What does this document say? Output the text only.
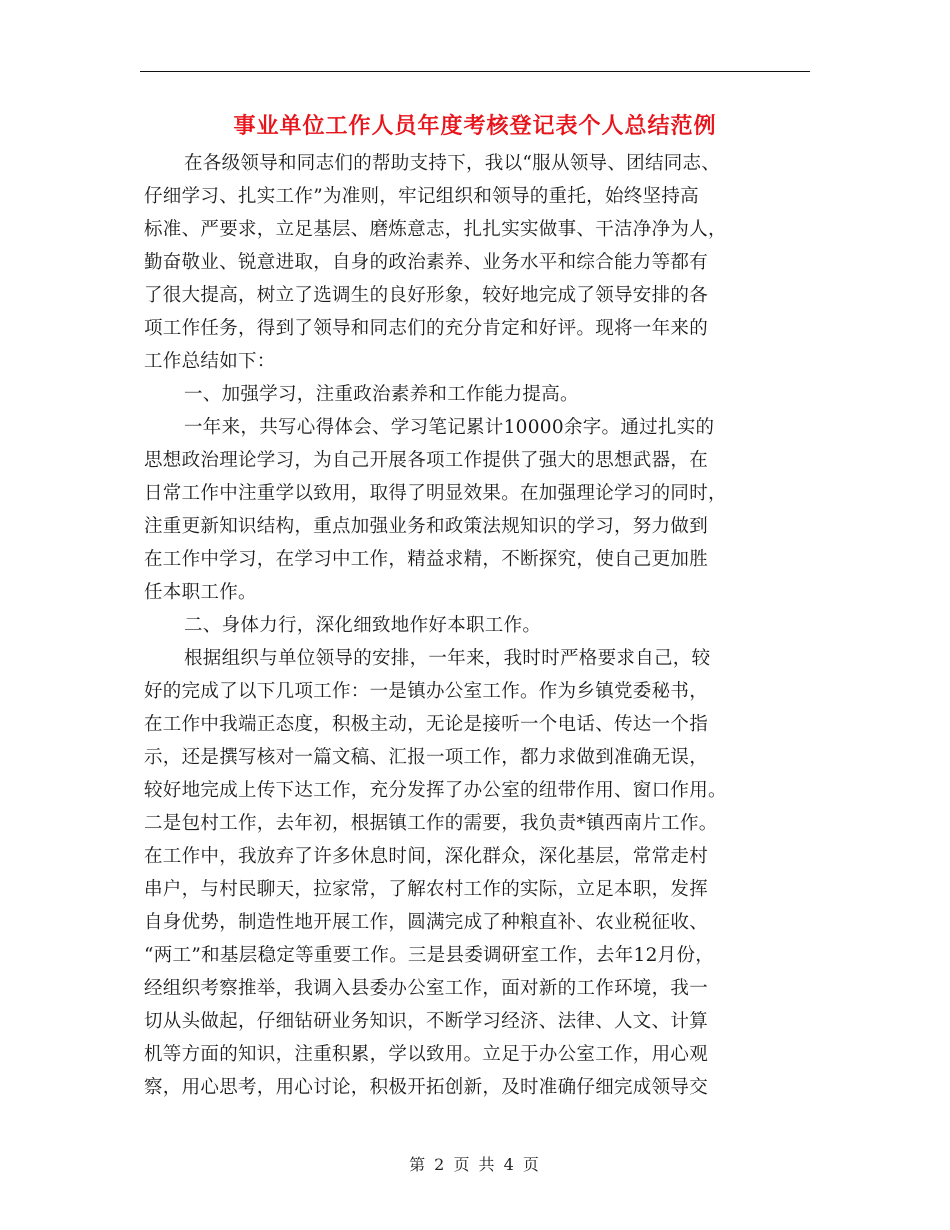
事业单位工作人员年度考核登记表个人总结范例
在各级领导和同志们的帮助支持下，我以“服从领导、团结同志、
仔细学习、扎实工作”为准则，牢记组织和领导的重托，始终坚持高
标准、严要求，立足基层、磨炼意志，扎扎实实做事、干洁净净为人，
勤奋敬业、锐意进取，自身的政治素养、业务水平和综合能力等都有
了很大提高，树立了选调生的良好形象，较好地完成了领导安排的各
项工作任务，得到了领导和同志们的充分肯定和好评。现将一年来的
工作总结如下：
一、加强学习，注重政治素养和工作能力提高。
一年来，共写心得体会、学习笔记累计10000余字。通过扎实的
思想政治理论学习，为自己开展各项工作提供了强大的思想武器，在
日常工作中注重学以致用，取得了明显效果。在加强理论学习的同时，
注重更新知识结构，重点加强业务和政策法规知识的学习，努力做到
在工作中学习，在学习中工作，精益求精，不断探究，使自己更加胜
任本职工作。
二、身体力行，深化细致地作好本职工作。
根据组织与单位领导的安排，一年来，我时时严格要求自己，较
好的完成了以下几项工作：一是镇办公室工作。作为乡镇党委秘书，
在工作中我端正态度，积极主动，无论是接听一个电话、传达一个指
示，还是撰写核对一篇文稿、汇报一项工作，都力求做到准确无误，
较好地完成上传下达工作，充分发挥了办公室的纽带作用、窗口作用。
二是包村工作，去年初，根据镇工作的需要，我负责*镇西南片工作。
在工作中，我放弃了许多休息时间，深化群众，深化基层，常常走村
串户，与村民聊天，拉家常，了解农村工作的实际，立足本职，发挥
自身优势，制造性地开展工作，圆满完成了种粮直补、农业税征收、
“两工”和基层稳定等重要工作。三是县委调研室工作，去年12月份，
经组织考察推举，我调入县委办公室工作，面对新的工作环境，我一
切从头做起，仔细钻研业务知识，不断学习经济、法律、人文、计算
机等方面的知识，注重积累，学以致用。立足于办公室工作，用心观
察，用心思考，用心讨论，积极开拓创新，及时准确仔细完成领导交
第 2 页 共 4 页
